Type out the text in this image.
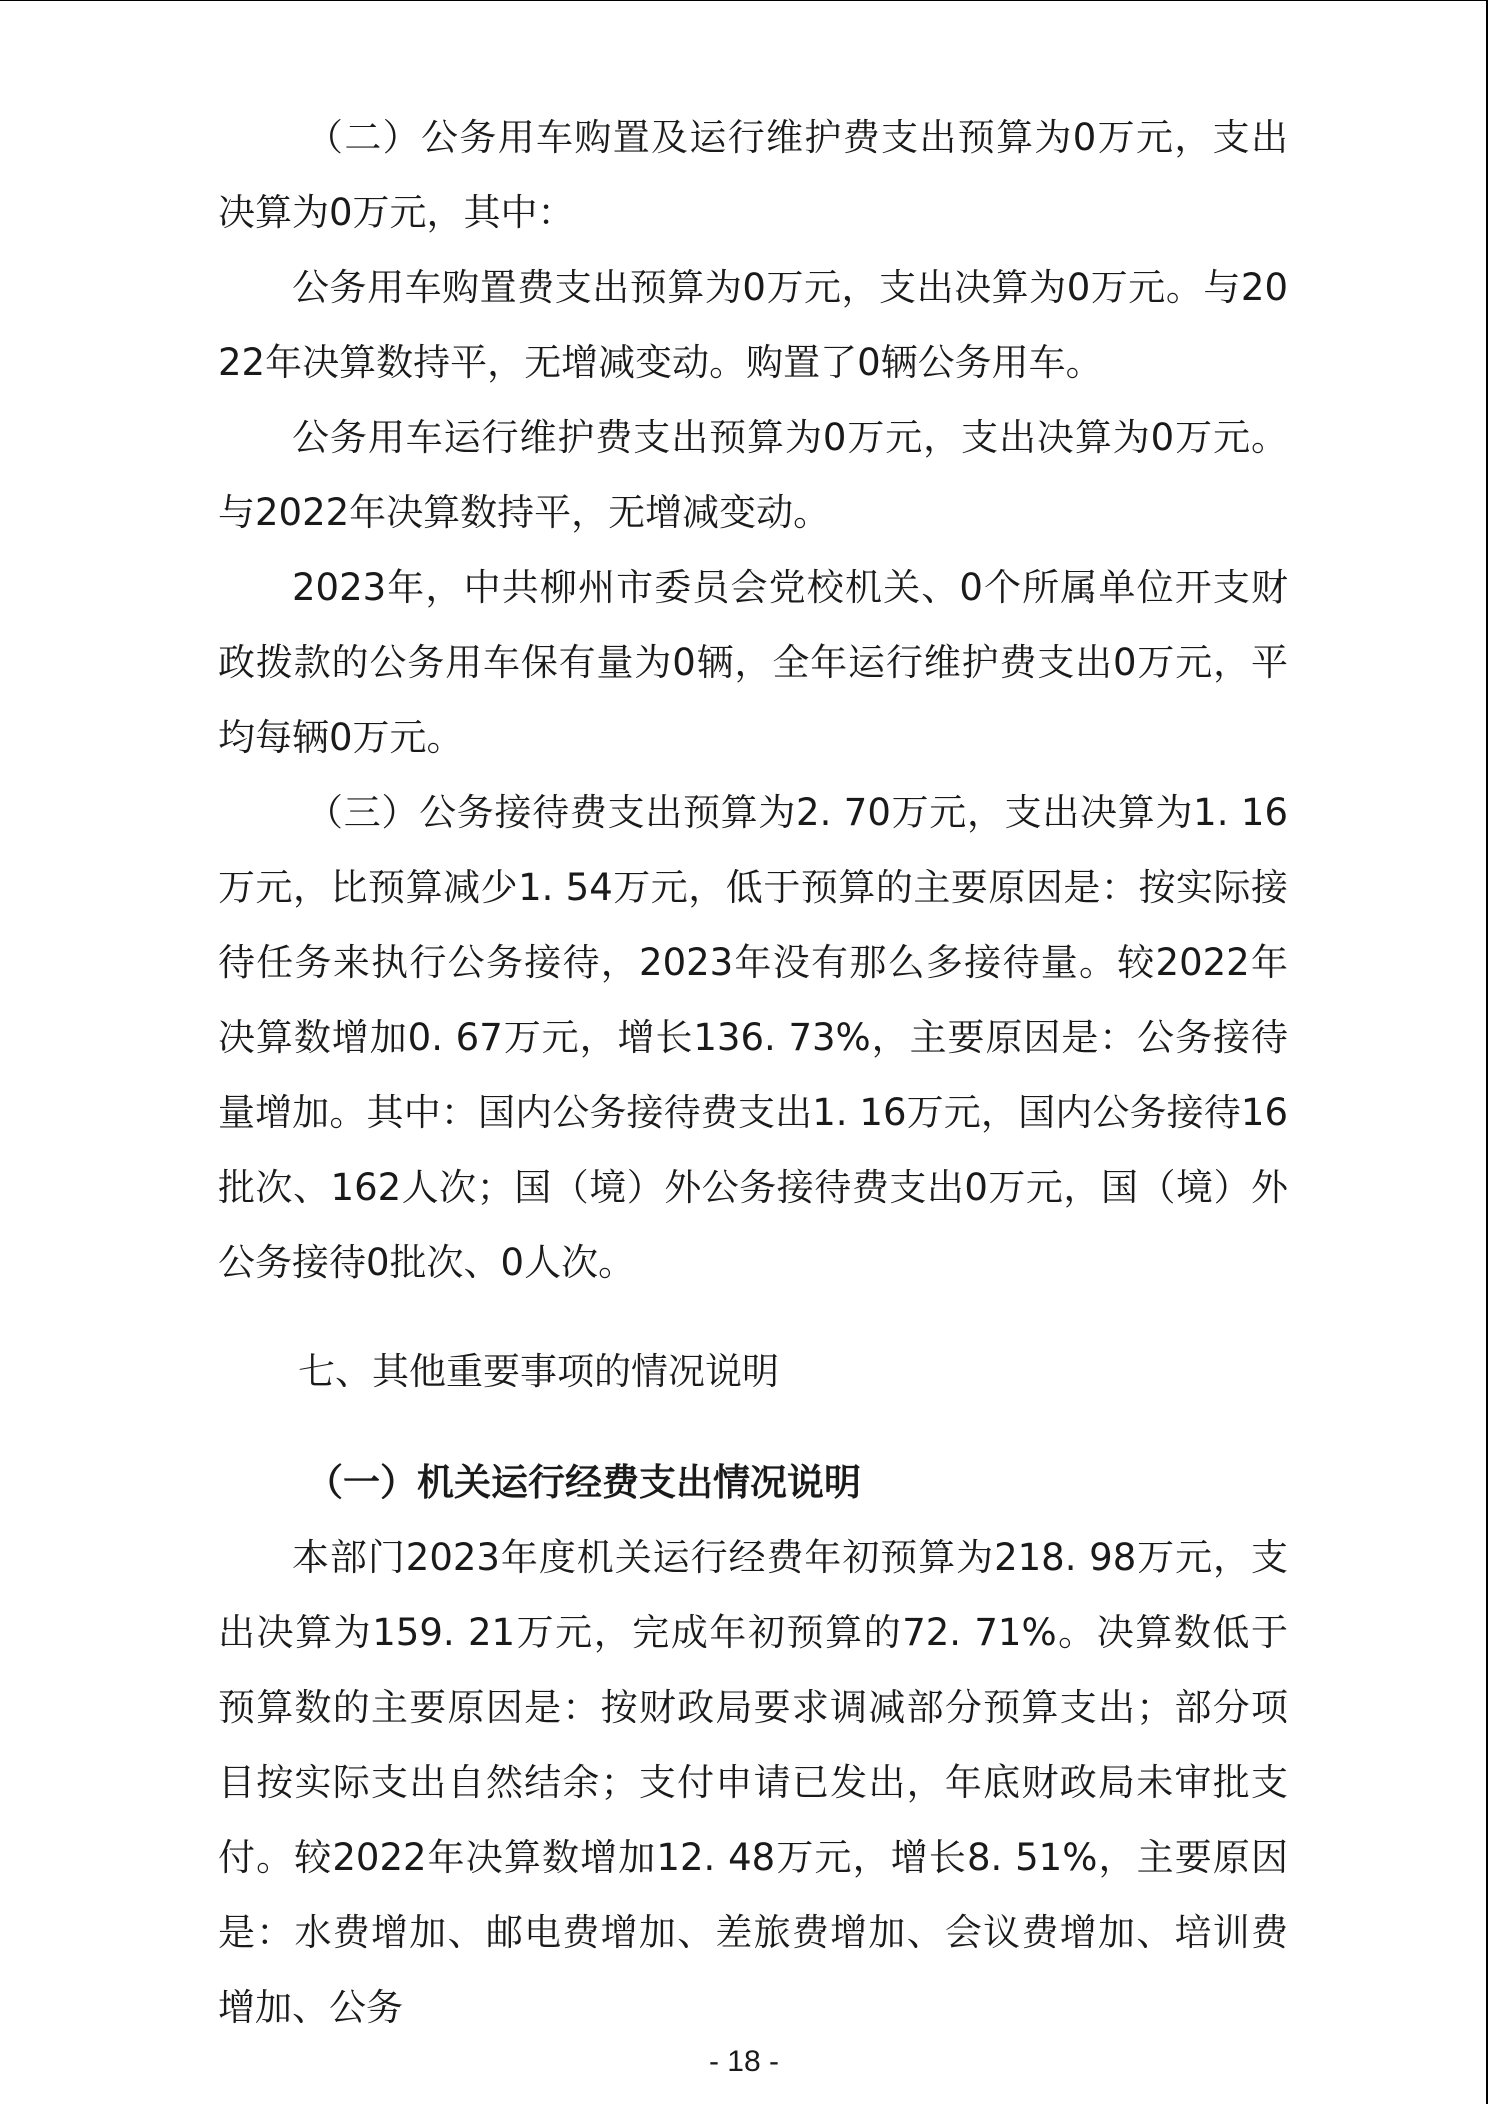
（二）公务用车购置及运行维护费支出预算为0万元，支出决算为0万元，其中：

公务用车购置费支出预算为0万元，支出决算为0万元。与2022年决算数持平，无增减变动。购置了0辆公务用车。

公务用车运行维护费支出预算为0万元，支出决算为0万元。与2022年决算数持平，无增减变动。

2023年，中共柳州市委员会党校机关、0个所属单位开支财政拨款的公务用车保有量为0辆，全年运行维护费支出0万元，平均每辆0万元。

（三）公务接待费支出预算为2. 70万元，支出决算为1. 16万元，比预算减少1. 54万元，低于预算的主要原因是：按实际接待任务来执行公务接待，2023年没有那么多接待量。较2022年决算数增加0. 67万元，增长136. 73%，主要原因是：公务接待量增加。其中：国内公务接待费支出1. 16万元，国内公务接待16批次、162人次；国（境）外公务接待费支出0万元，国（境）外公务接待0批次、0人次。

七、其他重要事项的情况说明
（一）机关运行经费支出情况说明

本部门2023年度机关运行经费年初预算为218. 98万元，支出决算为159. 21万元，完成年初预算的72. 71%。决算数低于预算数的主要原因是：按财政局要求调减部分预算支出；部分项目按实际支出自然结余；支付申请已发出，年底财政局未审批支付。较2022年决算数增加12. 48万元，增长8. 51%，主要原因是：水费增加、邮电费增加、差旅费增加、会议费增加、培训费增加、公务

- 18 -
